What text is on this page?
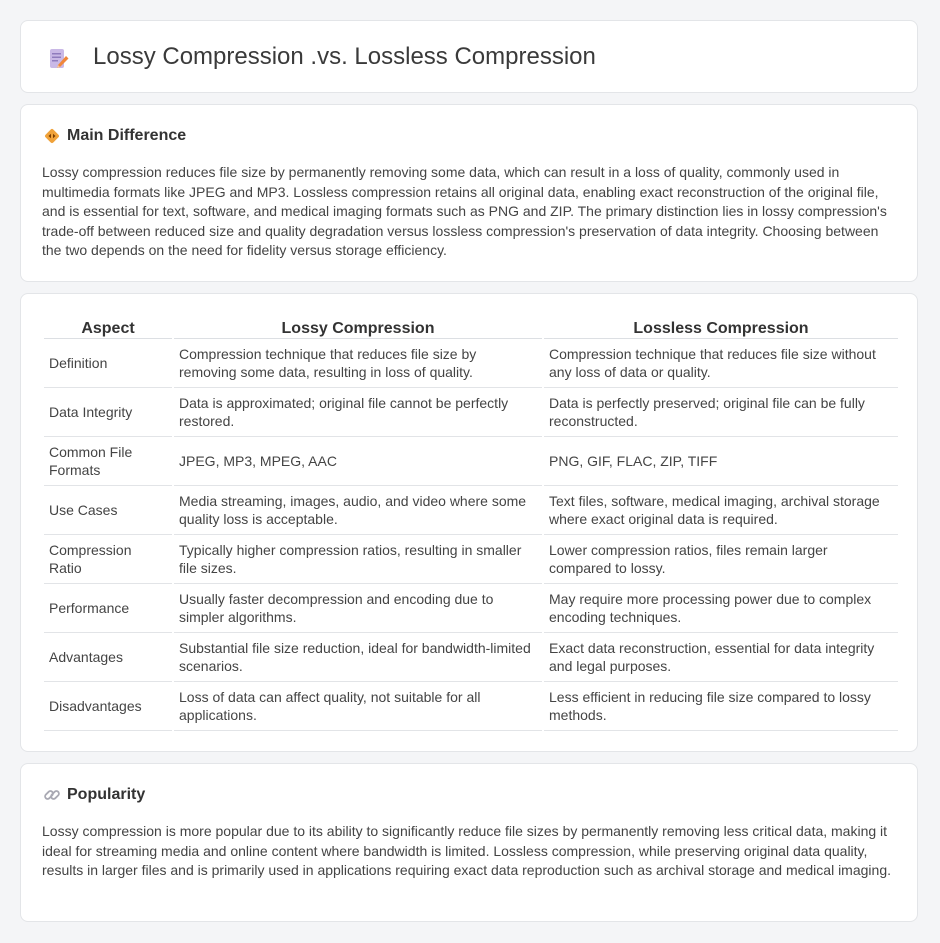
Lossy Compression .vs. Lossless Compression
Main Difference

Lossy compression reduces file size by permanently removing some data, which can result in a loss of quality, commonly used in multimedia formats like JPEG and MP3. Lossless compression retains all original data, enabling exact reconstruction of the original file, and is essential for text, software, and medical imaging formats such as PNG and ZIP. The primary distinction lies in lossy compression's trade-off between reduced size and quality degradation versus lossless compression's preservation of data integrity. Choosing between the two depends on the need for fidelity versus storage efficiency.

Aspect	Lossy Compression	Lossless Compression
Definition	Compression technique that reduces file size by removing some data, resulting in loss of quality.	Compression technique that reduces file size without any loss of data or quality.
Data Integrity	Data is approximated; original file cannot be perfectly restored.	Data is perfectly preserved; original file can be fully reconstructed.
Common File Formats	JPEG, MP3, MPEG, AAC	PNG, GIF, FLAC, ZIP, TIFF
Use Cases	Media streaming, images, audio, and video where some quality loss is acceptable.	Text files, software, medical imaging, archival storage where exact original data is required.
Compression Ratio	Typically higher compression ratios, resulting in smaller file sizes.	Lower compression ratios, files remain larger compared to lossy.
Performance	Usually faster decompression and encoding due to simpler algorithms.	May require more processing power due to complex encoding techniques.
Advantages	Substantial file size reduction, ideal for bandwidth-limited scenarios.	Exact data reconstruction, essential for data integrity and legal purposes.
Disadvantages	Loss of data can affect quality, not suitable for all applications.	Less efficient in reducing file size compared to lossy methods.
Popularity

Lossy compression is more popular due to its ability to significantly reduce file sizes by permanently removing less critical data, making it ideal for streaming media and online content where bandwidth is limited. Lossless compression, while preserving original data quality, results in larger files and is primarily used in applications requiring exact data reproduction such as archival storage and medical imaging.
